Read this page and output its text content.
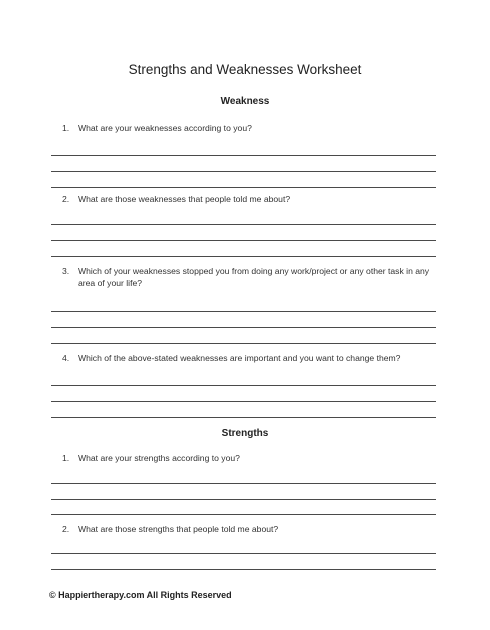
Strengths and Weaknesses Worksheet
Weakness
1.	What are your weaknesses according to you?
2.	What are those weaknesses that people told me about?
3.	Which of your weaknesses stopped you from doing any work/project or any other task in any area of your life?
4.	Which of the above-stated weaknesses are important and you want to change them?
Strengths
1.	What are your strengths according to you?
2.	What are those strengths that people told me about?
© Happiertherapy.com All Rights Reserved
